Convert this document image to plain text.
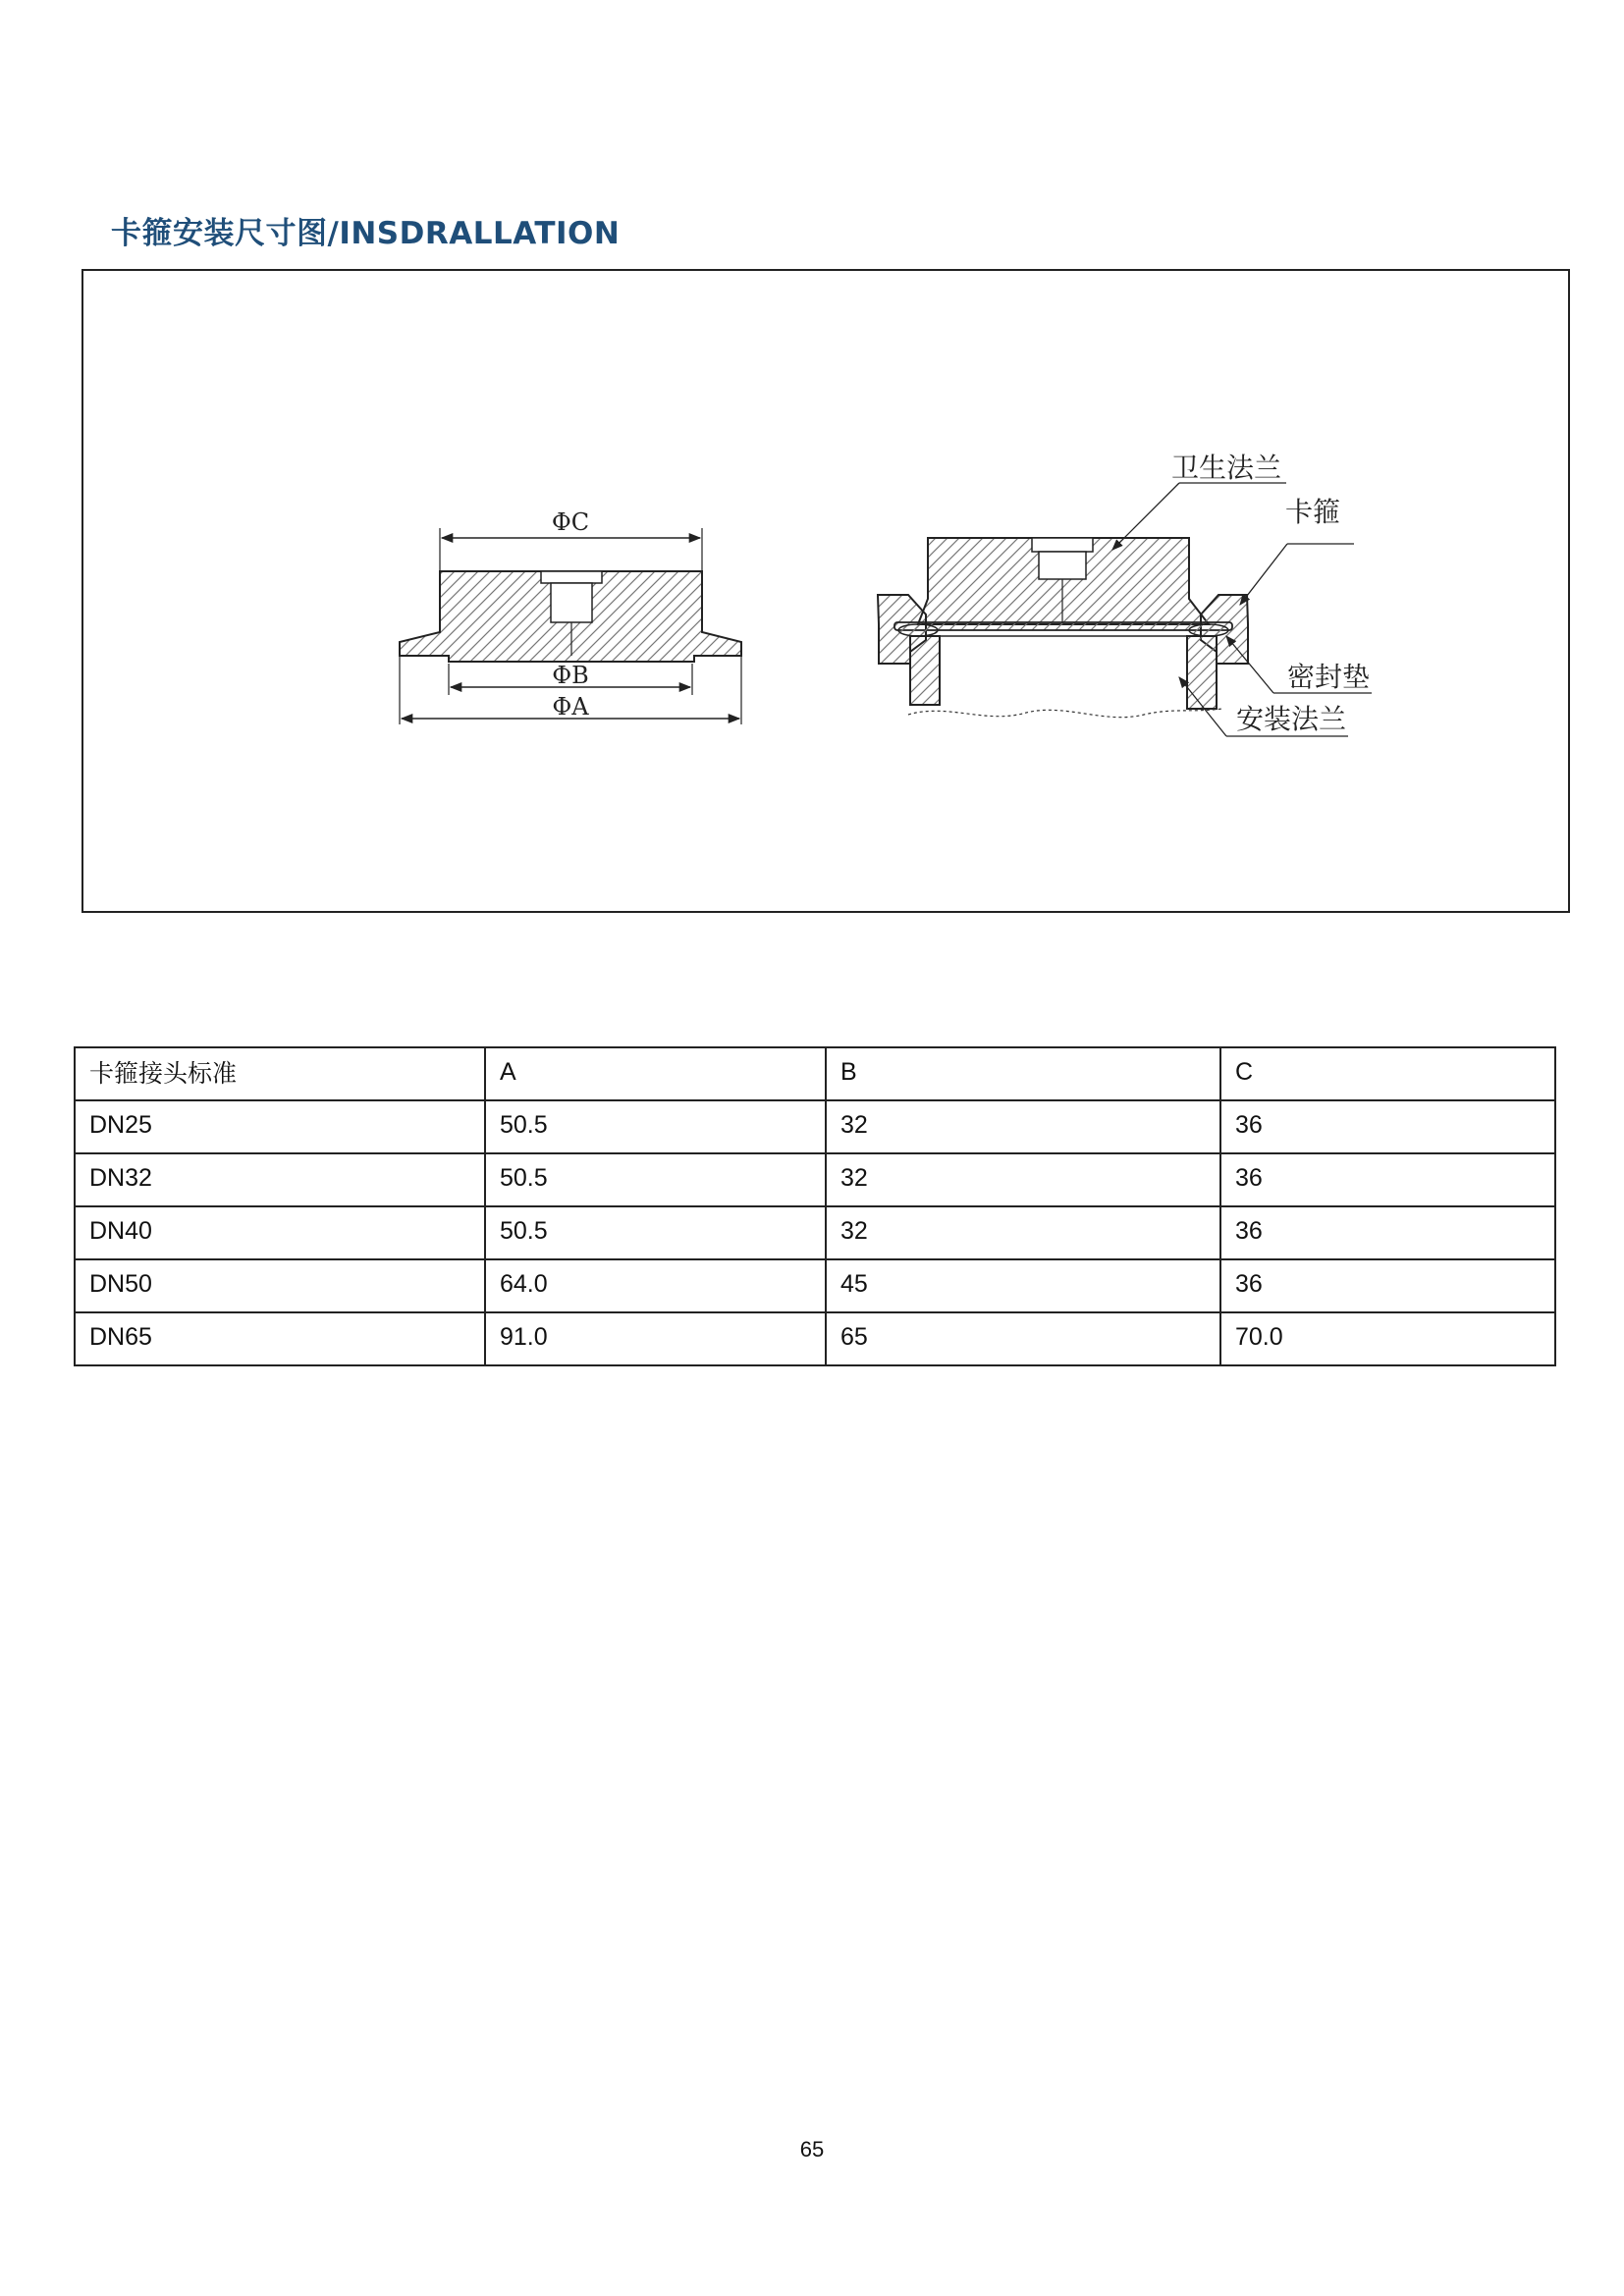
卡箍安装尺寸图/INSDRALLATION
ФC
ФB
ФA
卫生法兰
卡箍
密封垫
安装法兰
卡箍接头标准	A	B	C
DN25	50.5	32	36
DN32	50.5	32	36
DN40	50.5	32	36
DN50	64.0	45	36
DN65	91.0	65	70.0
65
